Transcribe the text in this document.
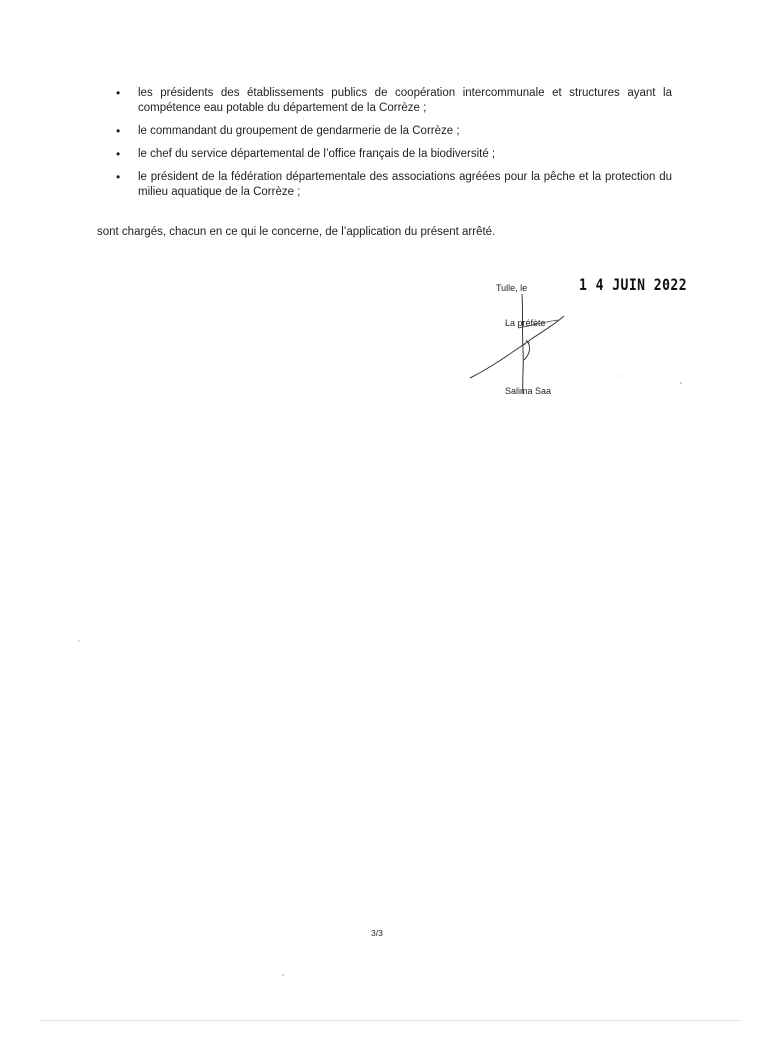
• les présidents des établissements publics de coopération intercommunale et structures ayant la compétence eau potable du département de la Corrèze ;
• le commandant du groupement de gendarmerie de la Corrèze ;
• le chef du service départemental de l’office français de la biodiversité ;
• le président de la fédération départementale des associations agréées pour la pêche et la protection du milieu aquatique de la Corrèze ;
sont chargés, chacun en ce qui le concerne, de l’application du présent arrêté.
Tulle, le	1 4 JUIN 2022
La préfète
Salima Saa
3/3
